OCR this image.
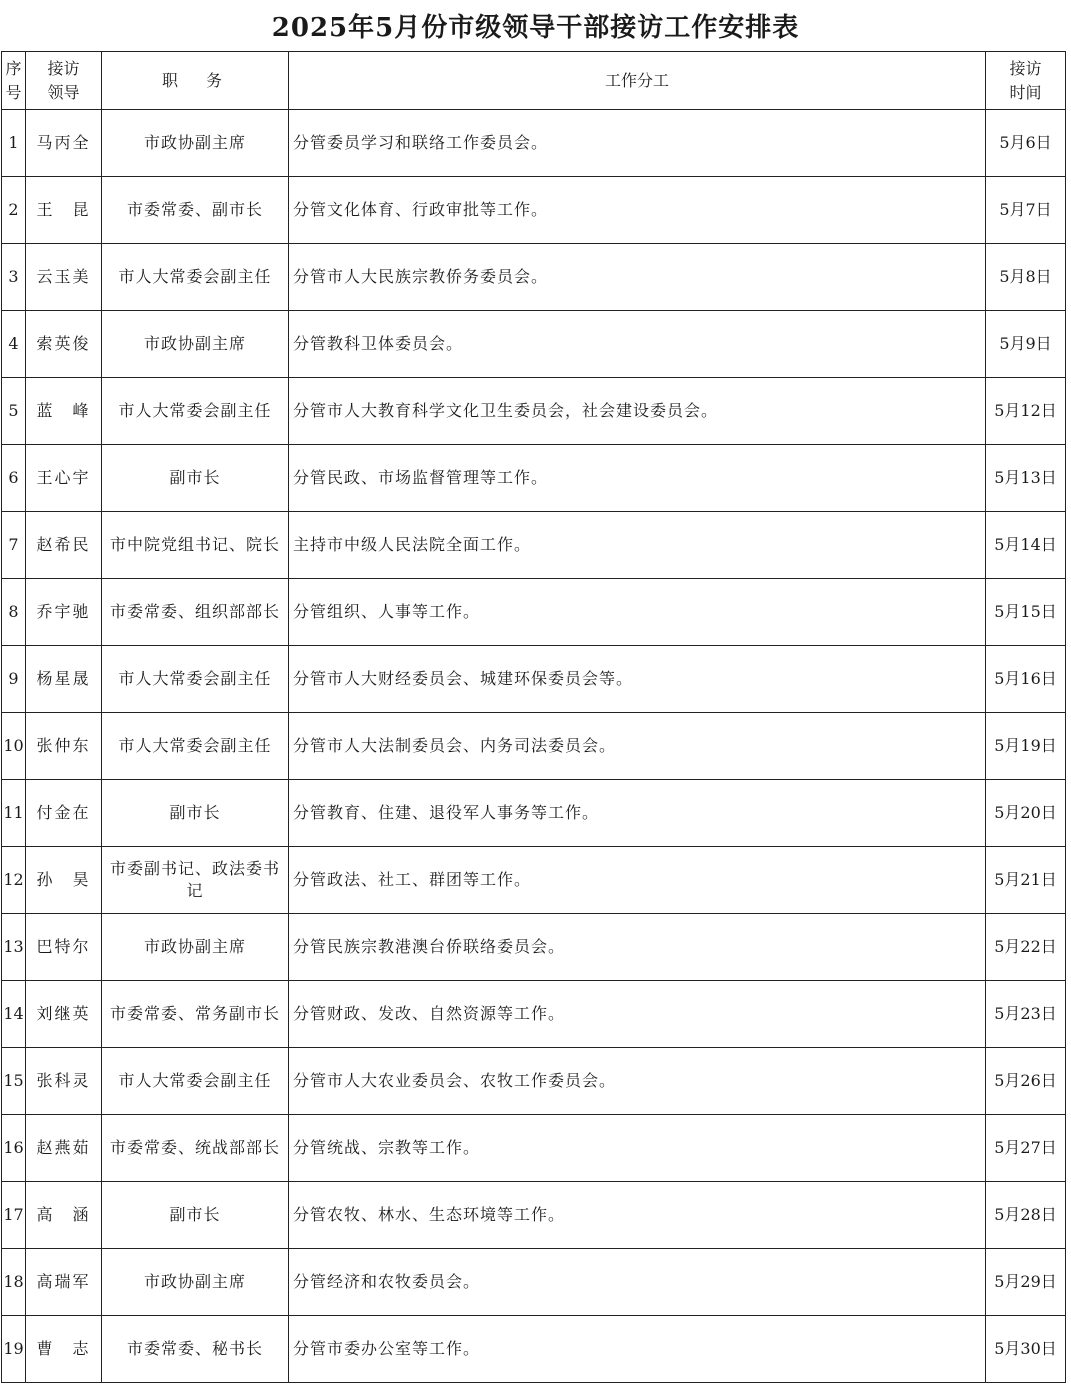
2025年5月份市级领导干部接访工作安排表
序号	接访领导	职　务	工作分工	接访时间
1	马丙全	市政协副主席	分管委员学习和联络工作委员会。	5月6日
2	王　昆	市委常委、副市长	分管文化体育、行政审批等工作。	5月7日
3	云玉美	市人大常委会副主任	分管市人大民族宗教侨务委员会。	5月8日
4	索英俊	市政协副主席	分管教科卫体委员会。	5月9日
5	蓝　峰	市人大常委会副主任	分管市人大教育科学文化卫生委员会，社会建设委员会。	5月12日
6	王心宇	副市长	分管民政、市场监督管理等工作。	5月13日
7	赵希民	市中院党组书记、院长	主持市中级人民法院全面工作。	5月14日
8	乔宇驰	市委常委、组织部部长	分管组织、人事等工作。	5月15日
9	杨星晟	市人大常委会副主任	分管市人大财经委员会、城建环保委员会等。	5月16日
10	张仲东	市人大常委会副主任	分管市人大法制委员会、内务司法委员会。	5月19日
11	付金在	副市长	分管教育、住建、退役军人事务等工作。	5月20日
12	孙　昊	市委副书记、政法委书记	分管政法、社工、群团等工作。	5月21日
13	巴特尔	市政协副主席	分管民族宗教港澳台侨联络委员会。	5月22日
14	刘继英	市委常委、常务副市长	分管财政、发改、自然资源等工作。	5月23日
15	张科灵	市人大常委会副主任	分管市人大农业委员会、农牧工作委员会。	5月26日
16	赵燕茹	市委常委、统战部部长	分管统战、宗教等工作。	5月27日
17	高　涵	副市长	分管农牧、林水、生态环境等工作。	5月28日
18	高瑞军	市政协副主席	分管经济和农牧委员会。	5月29日
19	曹　志	市委常委、秘书长	分管市委办公室等工作。	5月30日
